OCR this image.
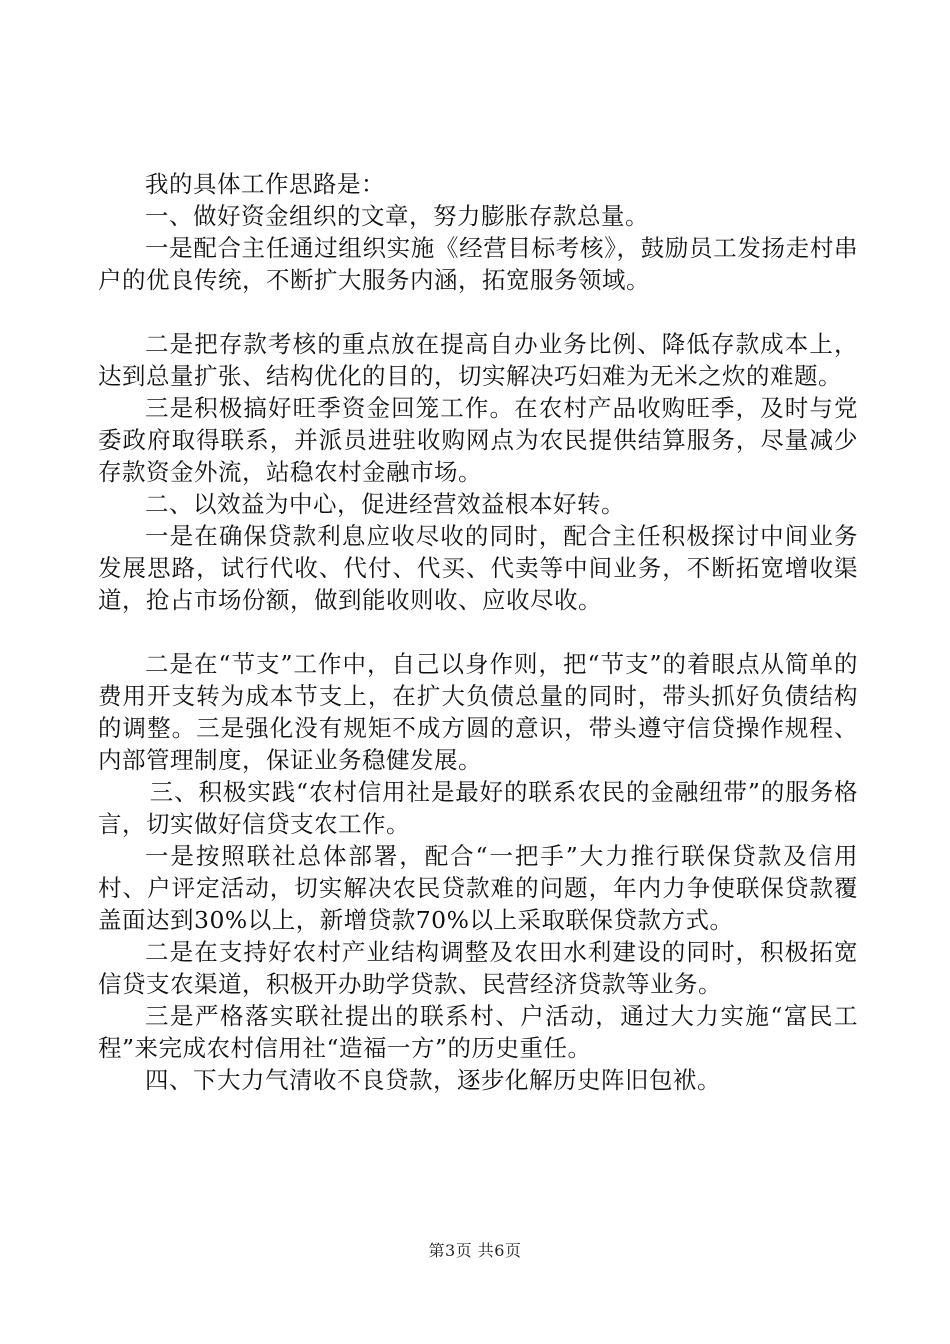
我的具体工作思路是：

一、做好资金组织的文章，努力膨胀存款总量。

一是配合主任通过组织实施《经营目标考核》，鼓励员工发扬走村串户的优良传统，不断扩大服务内涵，拓宽服务领域。

二是把存款考核的重点放在提高自办业务比例、降低存款成本上，达到总量扩张、结构优化的目的，切实解决巧妇难为无米之炊的难题。

三是积极搞好旺季资金回笼工作。在农村产品收购旺季，及时与党委政府取得联系，并派员进驻收购网点为农民提供结算服务，尽量减少存款资金外流，站稳农村金融市场。

二、以效益为中心，促进经营效益根本好转。

一是在确保贷款利息应收尽收的同时，配合主任积极探讨中间业务发展思路，试行代收、代付、代买、代卖等中间业务，不断拓宽增收渠道，抢占市场份额，做到能收则收、应收尽收。

二是在“节支”工作中，自己以身作则，把“节支”的着眼点从简单的费用开支转为成本节支上，在扩大负债总量的同时，带头抓好负债结构的调整。三是强化没有规矩不成方圆的意识，带头遵守信贷操作规程、内部管理制度，保证业务稳健发展。

三、积极实践“农村信用社是最好的联系农民的金融纽带”的服务格言，切实做好信贷支农工作。

一是按照联社总体部署，配合“一把手”大力推行联保贷款及信用村、户评定活动，切实解决农民贷款难的问题，年内力争使联保贷款覆盖面达到30%以上，新增贷款70%以上采取联保贷款方式。

二是在支持好农村产业结构调整及农田水利建设的同时，积极拓宽信贷支农渠道，积极开办助学贷款、民营经济贷款等业务。

三是严格落实联社提出的联系村、户活动，通过大力实施“富民工程”来完成农村信用社“造福一方”的历史重任。

四、下大力气清收不良贷款，逐步化解历史阵旧包袱。

第3页 共6页
